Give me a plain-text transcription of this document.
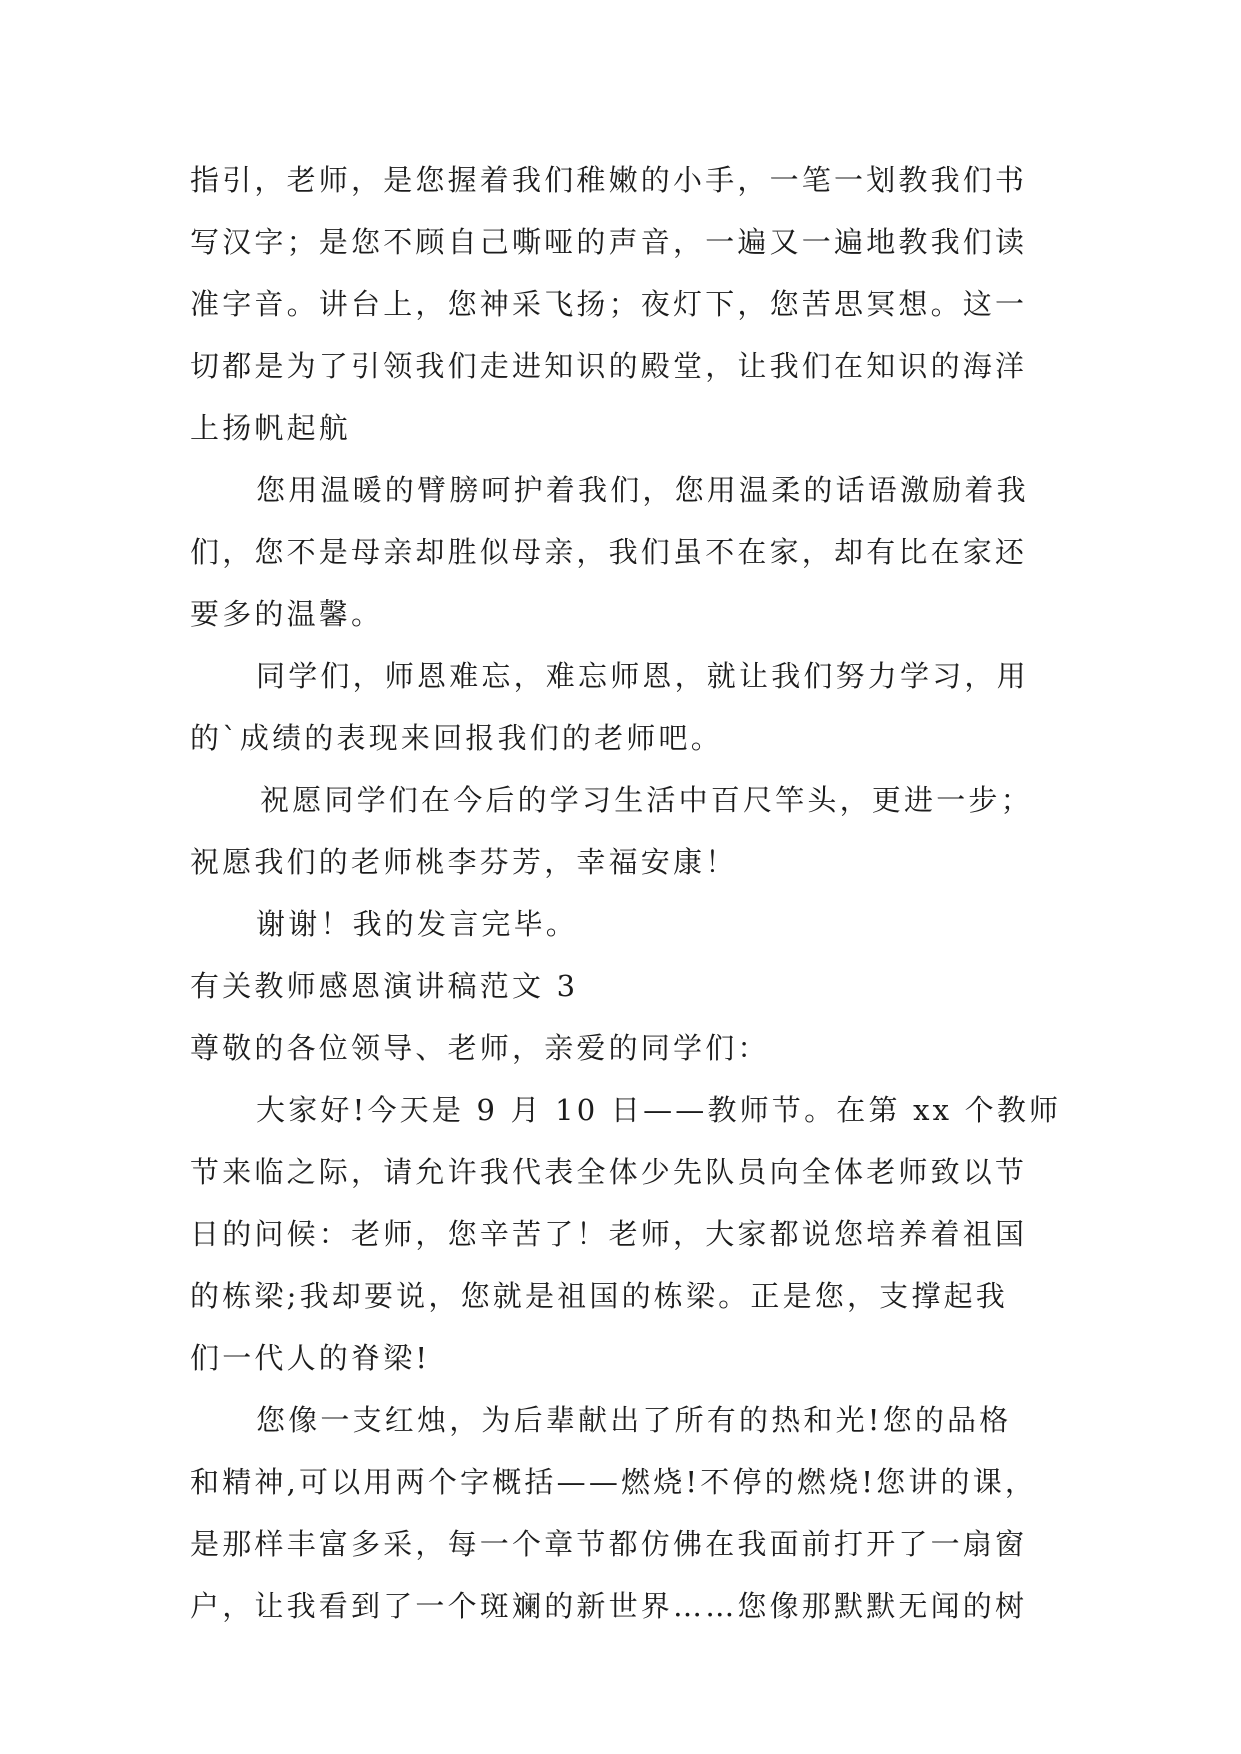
指引，老师，是您握着我们稚嫩的小手，一笔一划教我们书
写汉字；是您不顾自己嘶哑的声音，一遍又一遍地教我们读
准字音。讲台上，您神采飞扬；夜灯下，您苦思冥想。这一
切都是为了引领我们走进知识的殿堂，让我们在知识的海洋
上扬帆起航
您用温暖的臂膀呵护着我们，您用温柔的话语激励着我
们，您不是母亲却胜似母亲，我们虽不在家，却有比在家还
要多的温馨。
同学们，师恩难忘，难忘师恩，就让我们努力学习，用
的`成绩的表现来回报我们的老师吧。
祝愿同学们在今后的学习生活中百尺竿头，更进一步；
祝愿我们的老师桃李芬芳，幸福安康！
谢谢！我的发言完毕。
有关教师感恩演讲稿范文 3
尊敬的各位领导、老师，亲爱的同学们：
大家好!今天是 9 月 10 日——教师节。在第 xx 个教师
节来临之际，请允许我代表全体少先队员向全体老师致以节
日的问候：老师，您辛苦了！老师，大家都说您培养着祖国
的栋梁;我却要说，您就是祖国的栋梁。正是您，支撑起我
们一代人的脊梁!
您像一支红烛，为后辈献出了所有的热和光!您的品格
和精神,可以用两个字概括——燃烧!不停的燃烧!您讲的课，
是那样丰富多采，每一个章节都仿佛在我面前打开了一扇窗
户，让我看到了一个斑斓的新世界……您像那默默无闻的树
